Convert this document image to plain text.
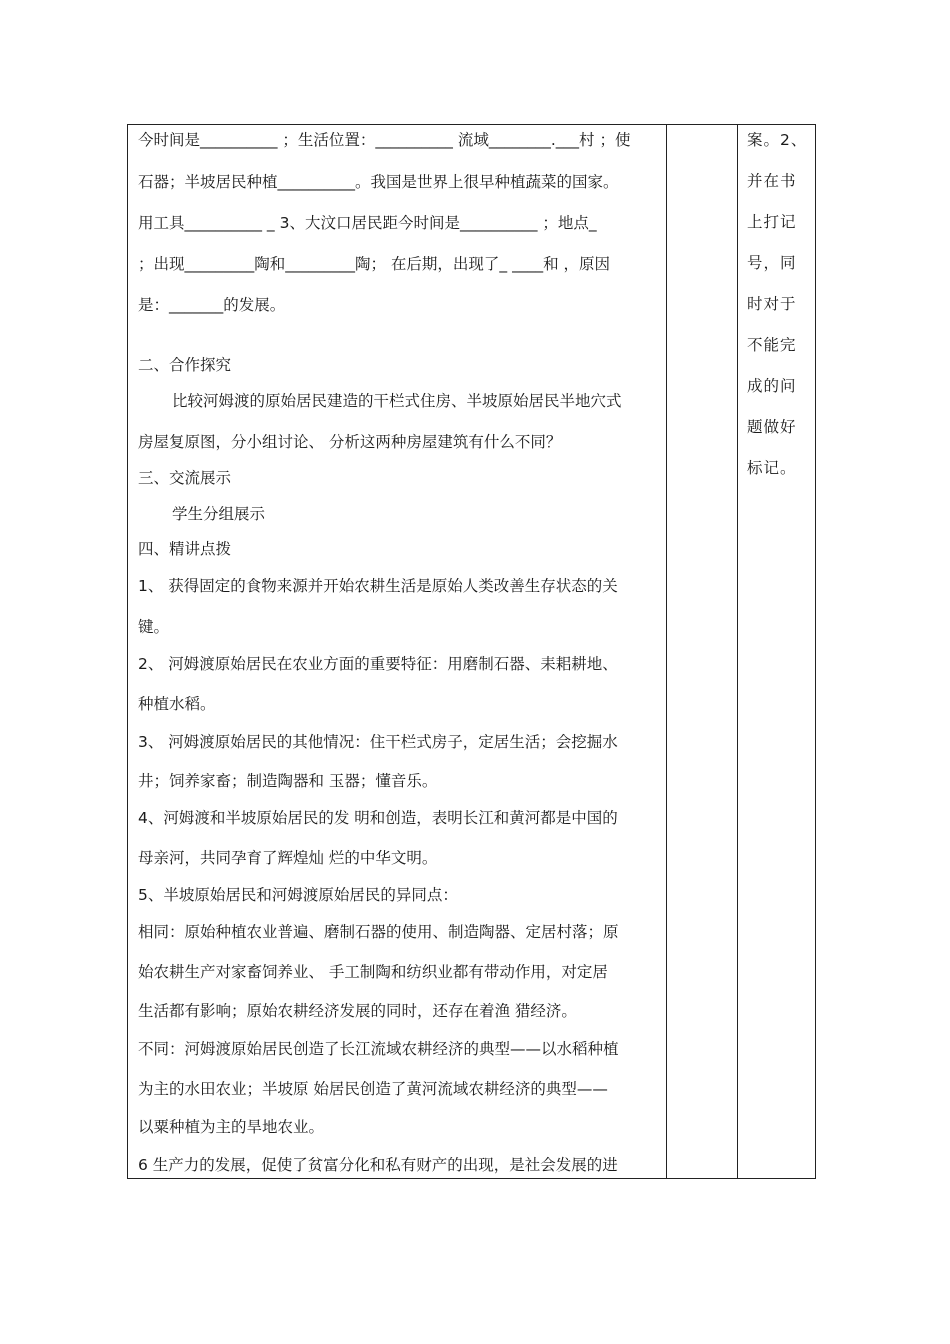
今时间是__________ ；生活位置：__________ 流域________.___村 ；使
石器；半坡居民种植__________。我国是世界上很早种植蔬菜的国家。
用工具__________ _ 3、大汶口居民距今时间是__________ ；地点_
；出现_________陶和_________陶； 在后期，出现了_ ____和 ，原因
是：_______的发展。
二、合作探究
比较河姆渡的原始居民建造的干栏式住房、半坡原始居民半地穴式
房屋复原图，分小组讨论、 分析这两种房屋建筑有什么不同？
三、交流展示
学生分组展示
四、精讲点拨
1、 获得固定的食物来源并开始农耕生活是原始人类改善生存状态的关
键。
2、 河姆渡原始居民在农业方面的重要特征：用磨制石器、耒耜耕地、
种植水稻。
3、 河姆渡原始居民的其他情况：住干栏式房子，定居生活；会挖掘水
井；饲养家畜；制造陶器和 玉器；懂音乐。
4、河姆渡和半坡原始居民的发 明和创造，表明长江和黄河都是中国的
母亲河，共同孕育了辉煌灿 烂的中华文明。
5、半坡原始居民和河姆渡原始居民的异同点：
相同：原始种植农业普遍、磨制石器的使用、制造陶器、定居村落；原
始农耕生产对家畜饲养业、 手工制陶和纺织业都有带动作用，对定居
生活都有影响；原始农耕经济发展的同时，还存在着渔 猎经济。
不同：河姆渡原始居民创造了长江流域农耕经济的典型——以水稻种植
为主的水田农业；半坡原 始居民创造了黄河流域农耕经济的典型——
以粟种植为主的旱地农业。
6 生产力的发展，促使了贫富分化和私有财产的出现，是社会发展的进
案。2、
并在书
上打记
号，同
时对于
不能完
成的问
题做好
标记。
